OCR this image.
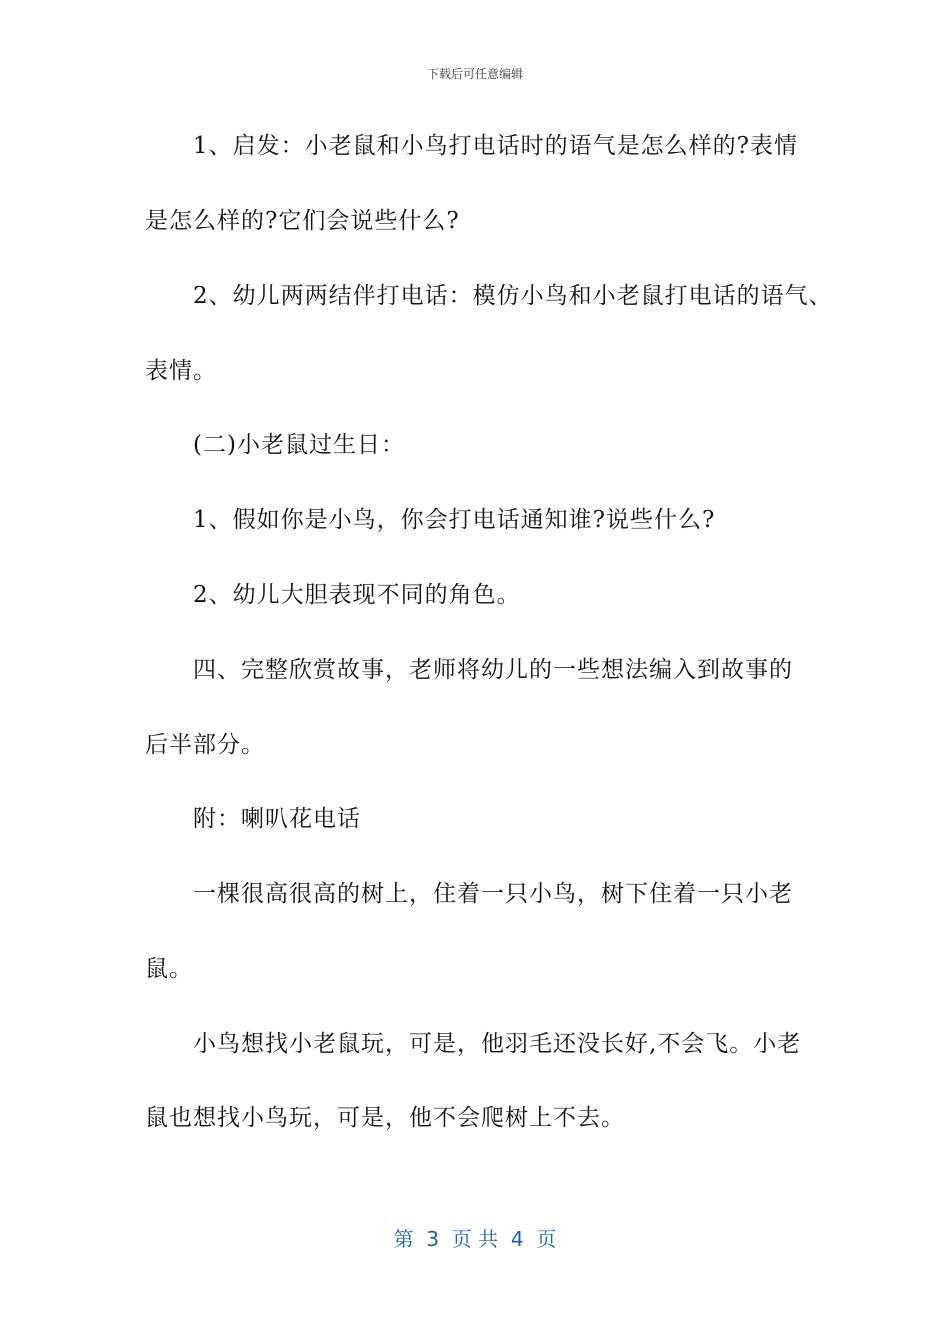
下载后可任意编辑
1、启发：小老鼠和小鸟打电话时的语气是怎么样的?表情
是怎么样的?它们会说些什么?
2、幼儿两两结伴打电话：模仿小鸟和小老鼠打电话的语气、
表情。
(二)小老鼠过生日：
1、假如你是小鸟，你会打电话通知谁?说些什么?
2、幼儿大胆表现不同的角色。
四、完整欣赏故事，老师将幼儿的一些想法编入到故事的
后半部分。
附：喇叭花电话
一棵很高很高的树上，住着一只小鸟，树下住着一只小老
鼠。
小鸟想找小老鼠玩，可是，他羽毛还没长好,不会飞。小老
鼠也想找小鸟玩，可是，他不会爬树上不去。
第  3  页 共  4  页
